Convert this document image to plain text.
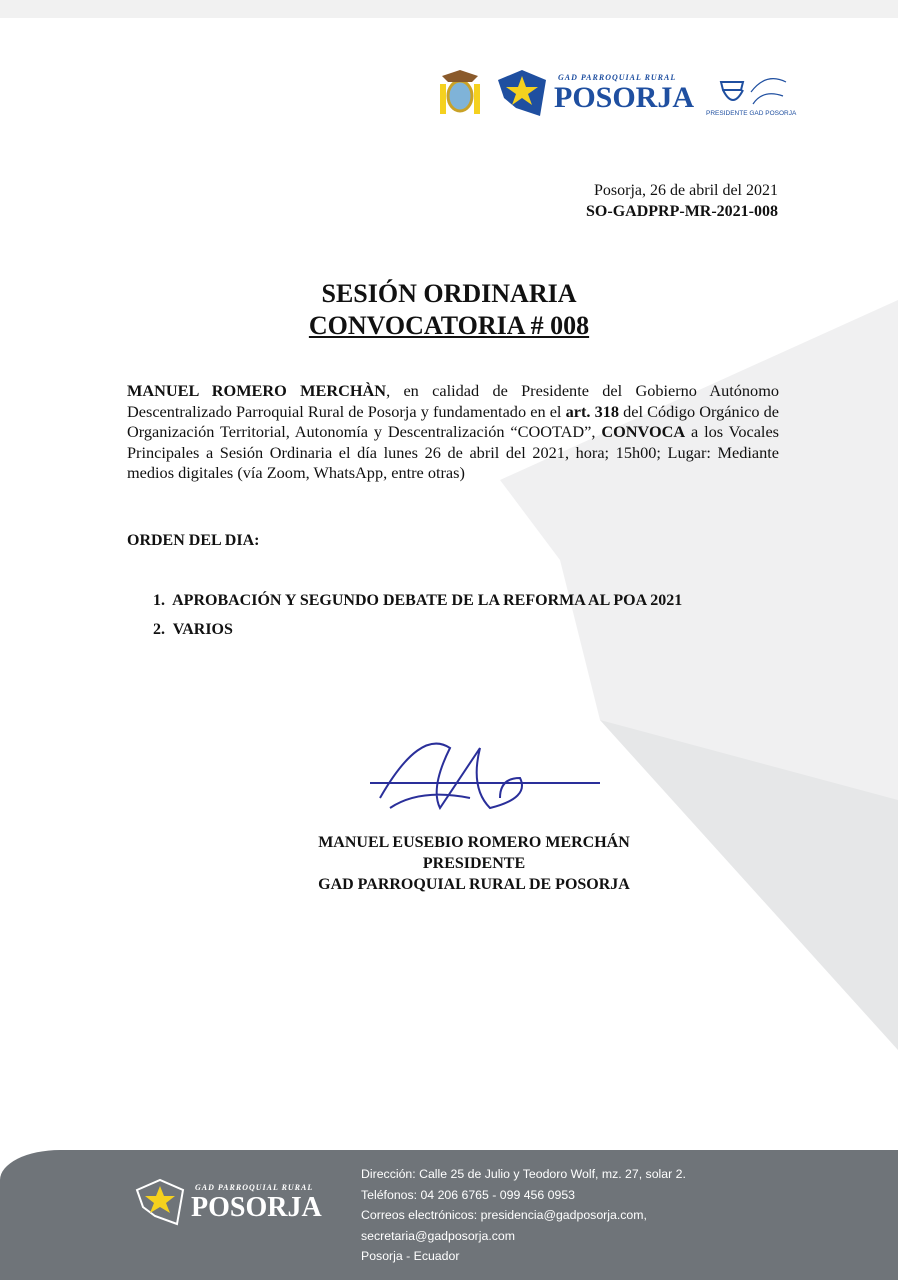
GAD PARROQUIAL RURAL
POSORJA PRESIDENTE GAD POSORJA
Posorja, 26 de abril del 2021
SO-GADPRP-MR-2021-008
SESIÓN ORDINARIA
CONVOCATORIA # 008
MANUEL ROMERO MERCHÀN, en calidad de Presidente del Gobierno Autónomo Descentralizado Parroquial Rural de Posorja y fundamentado en el art. 318 del Código Orgánico de Organización Territorial, Autonomía y Descentralización “COOTAD”, CONVOCA a los Vocales Principales a Sesión Ordinaria el día lunes 26 de abril del 2021, hora; 15h00; Lugar: Mediante medios digitales (vía Zoom, WhatsApp, entre otras)
ORDEN DEL DIA:
1.  APROBACIÓN Y SEGUNDO DEBATE DE LA REFORMA AL POA 2021
2.  VARIOS
MANUEL EUSEBIO ROMERO MERCHÁN
PRESIDENTE
GAD PARROQUIAL RURAL DE POSORJA
GAD PARROQUIAL RURAL
POSORJA
Dirección: Calle 25 de Julio y Teodoro Wolf, mz. 27, solar 2.
Teléfonos: 04 206 6765 - 099 456 0953
Correos electrónicos: presidencia@gadposorja.com,
secretaria@gadposorja.com
Posorja - Ecuador
